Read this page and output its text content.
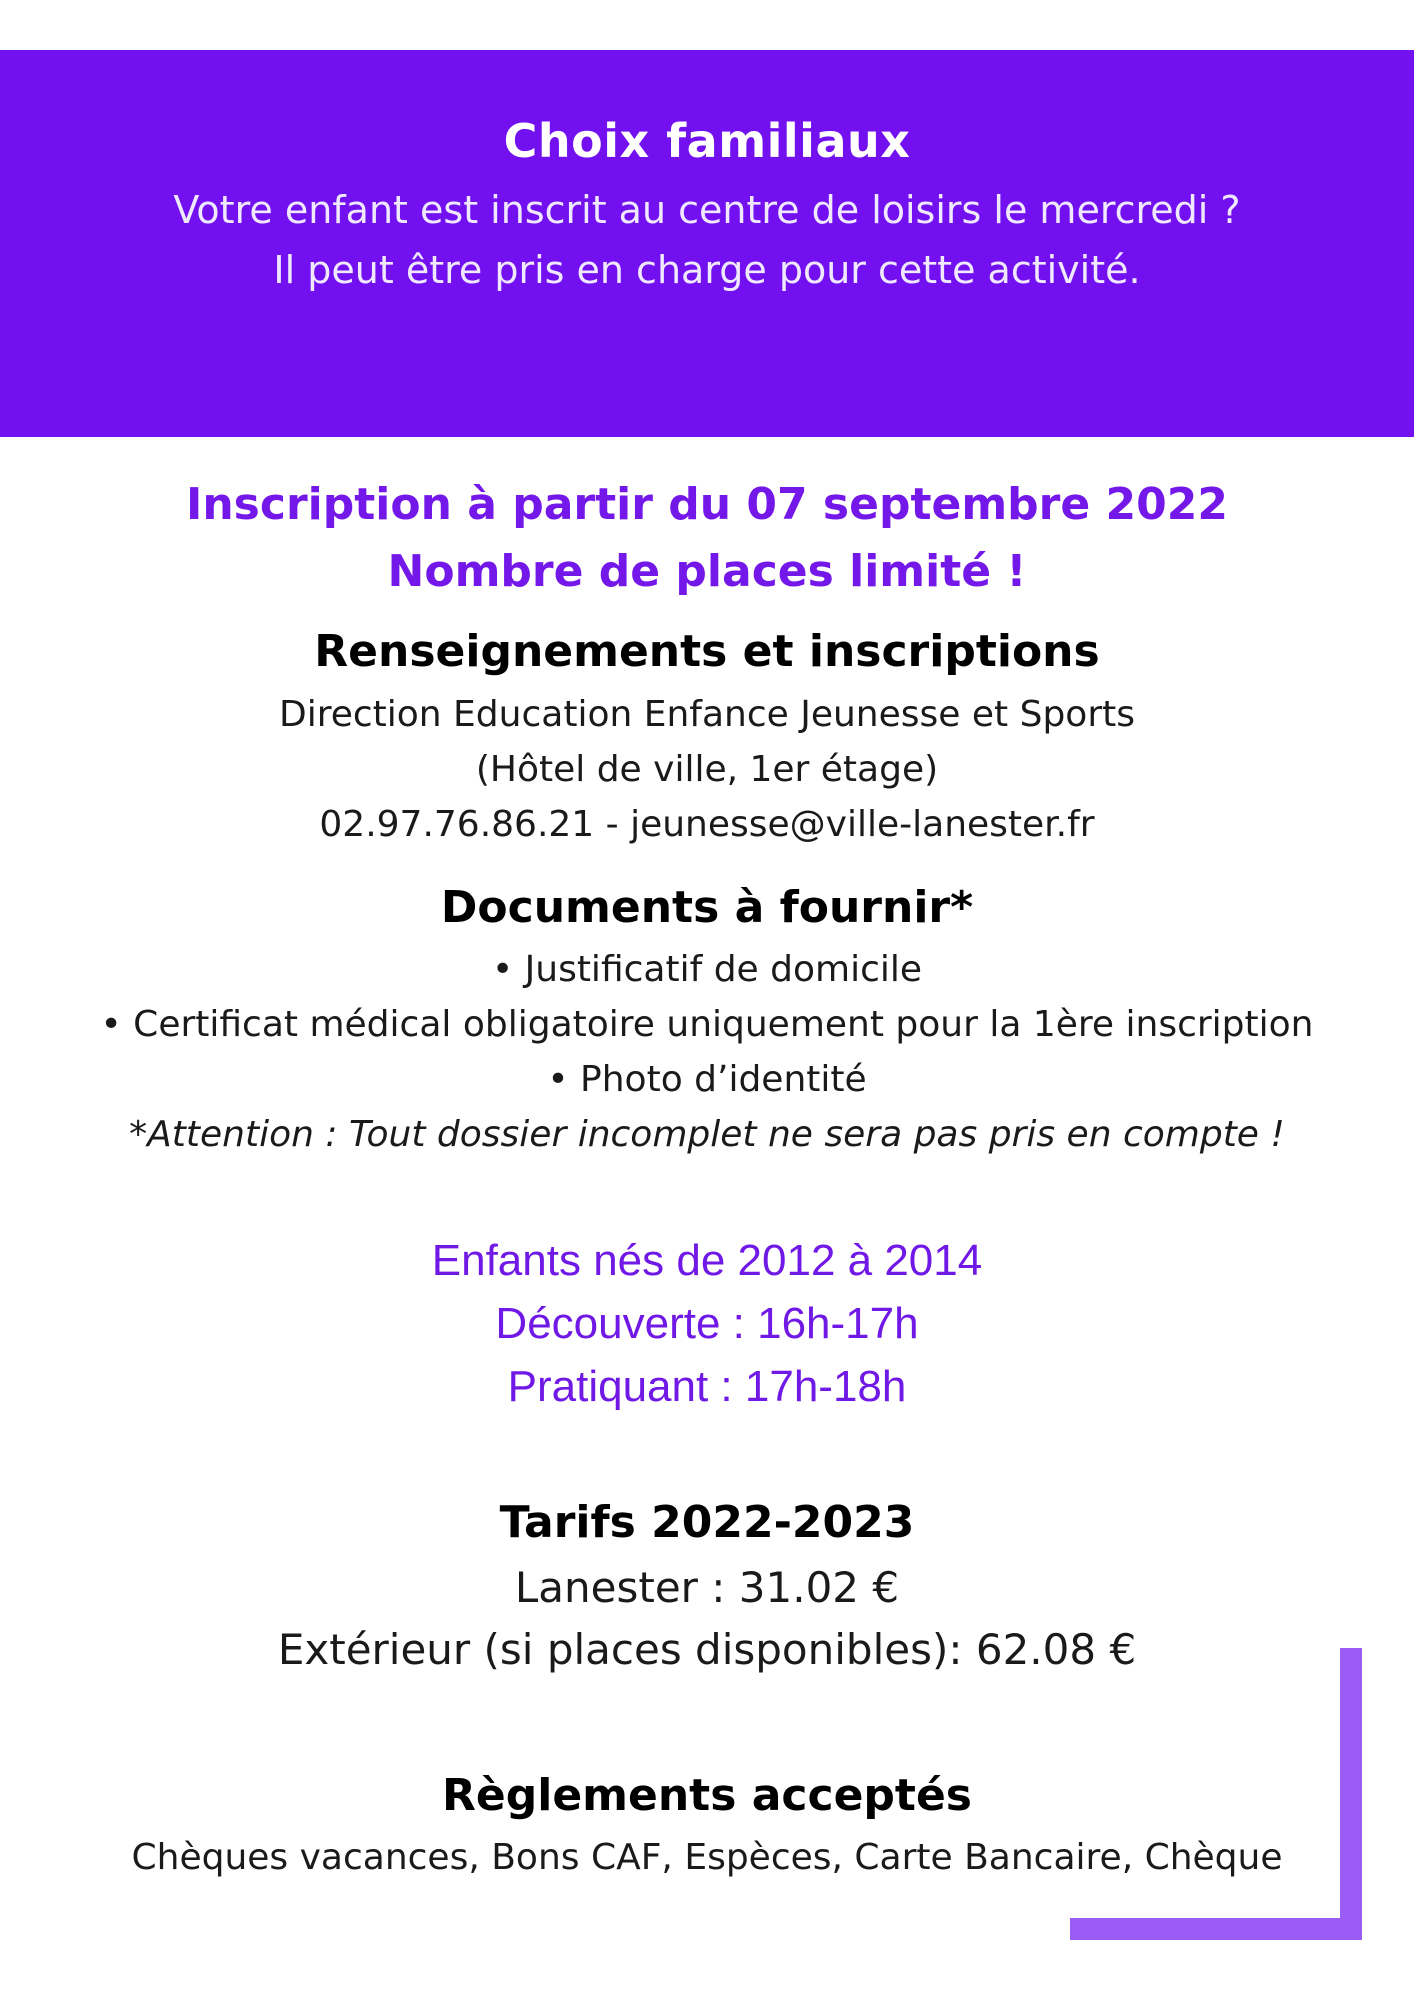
Choix familiaux
Votre enfant est inscrit au centre de loisirs le mercredi ?
Il peut être pris en charge pour cette activité.
Inscription à partir du 07 septembre 2022
Nombre de places limité !
Renseignements et inscriptions
Direction Education Enfance Jeunesse et Sports
(Hôtel de ville, 1er étage)
02.97.76.86.21 - jeunesse@ville-lanester.fr
Documents à fournir*
• Justificatif de domicile
• Certificat médical obligatoire uniquement pour la 1ère inscription
• Photo d’identité
*Attention : Tout dossier incomplet ne sera pas pris en compte !
Enfants nés de 2012 à 2014
Découverte : 16h-17h
Pratiquant : 17h-18h
Tarifs 2022-2023
Lanester : 31.02 €
Extérieur (si places disponibles): 62.08 €
Règlements acceptés
Chèques vacances, Bons CAF, Espèces, Carte Bancaire, Chèque
